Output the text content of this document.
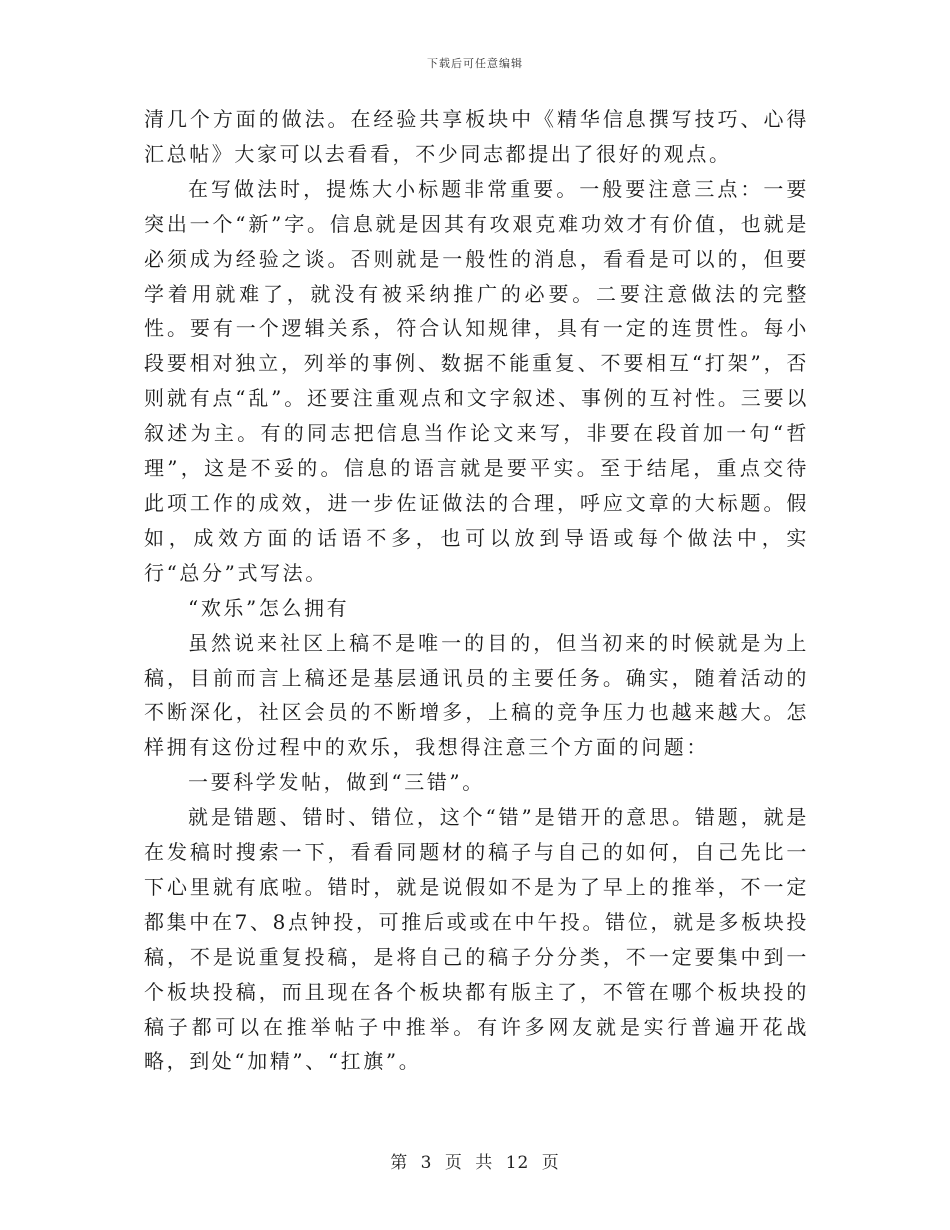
下载后可任意编辑

清几个方面的做法。在经验共享板块中《精华信息撰写技巧、心得汇总帖》大家可以去看看，不少同志都提出了很好的观点。

在写做法时，提炼大小标题非常重要。一般要注意三点：一要突出一个“新”字。信息就是因其有攻艰克难功效才有价值，也就是必须成为经验之谈。否则就是一般性的消息，看看是可以的，但要学着用就难了，就没有被采纳推广的必要。二要注意做法的完整性。要有一个逻辑关系，符合认知规律，具有一定的连贯性。每小段要相对独立，列举的事例、数据不能重复、不要相互“打架”，否则就有点“乱”。还要注重观点和文字叙述、事例的互衬性。三要以叙述为主。有的同志把信息当作论文来写，非要在段首加一句“哲理”，这是不妥的。信息的语言就是要平实。至于结尾，重点交待此项工作的成效，进一步佐证做法的合理，呼应文章的大标题。假如，成效方面的话语不多，也可以放到导语或每个做法中，实行“总分”式写法。

“欢乐”怎么拥有

虽然说来社区上稿不是唯一的目的，但当初来的时候就是为上稿，目前而言上稿还是基层通讯员的主要任务。确实，随着活动的不断深化，社区会员的不断增多，上稿的竞争压力也越来越大。怎样拥有这份过程中的欢乐，我想得注意三个方面的问题：

一要科学发帖，做到“三错”。

就是错题、错时、错位，这个“错”是错开的意思。错题，就是在发稿时搜索一下，看看同题材的稿子与自己的如何，自己先比一下心里就有底啦。错时，就是说假如不是为了早上的推举，不一定都集中在7、8点钟投，可推后或或在中午投。错位，就是多板块投稿，不是说重复投稿，是将自己的稿子分分类，不一定要集中到一个板块投稿，而且现在各个板块都有版主了，不管在哪个板块投的稿子都可以在推举帖子中推举。有许多网友就是实行普遍开花战略，到处“加精”、“扛旗”。

第 3 页 共 12 页
